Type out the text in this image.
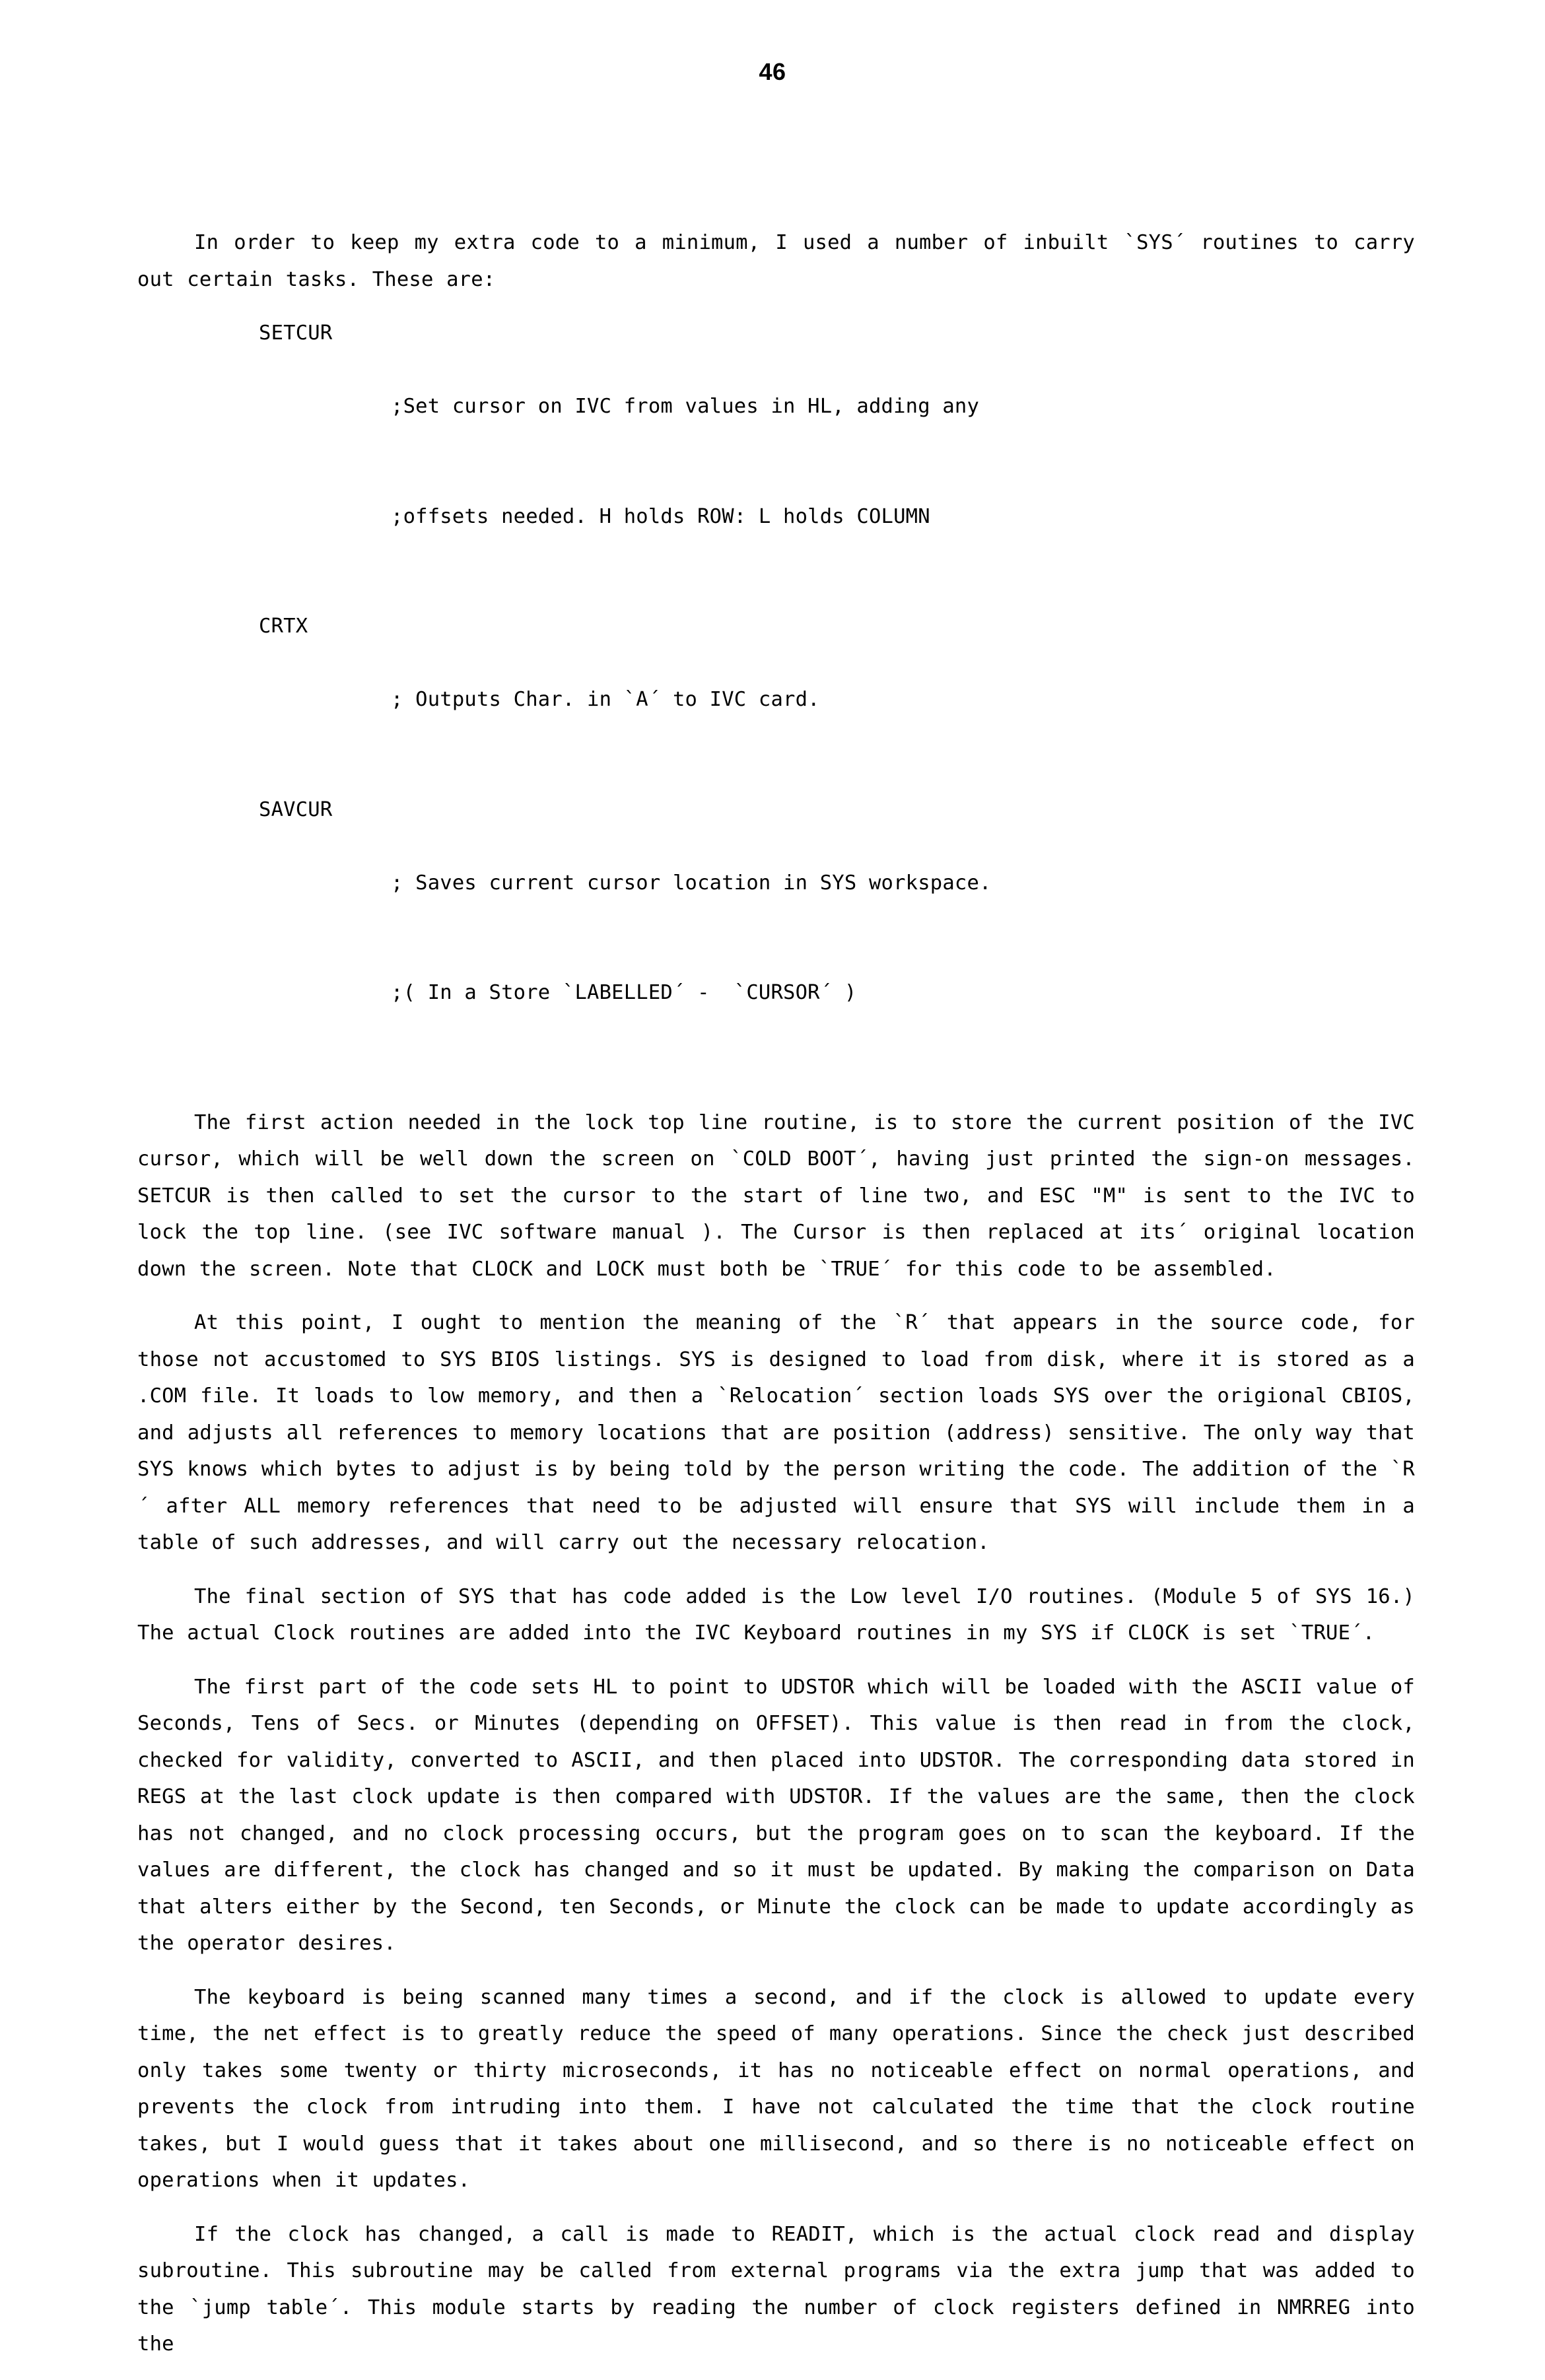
46

In order to keep my extra code to a minimum, I used a number of inbuilt `SYS´ routines to carry out certain tasks. These are:

SETCUR

;Set cursor on IVC from values in HL, adding any

;offsets needed. H holds ROW: L holds COLUMN

CRTX

; Outputs Char. in `A´ to IVC card.

SAVCUR

; Saves current cursor location in SYS workspace.

;( In a Store `LABELLED´ -  `CURSOR´ )

The first action needed in the lock top line routine, is to store the current position of the IVC cursor, which will be well down the screen on `COLD BOOT´, having just printed the sign-on messages. SETCUR is then called to set the cursor to the start of line two, and ESC "M" is sent to the IVC to lock the top line. (see IVC software manual ). The Cursor is then replaced at its´ original location down the screen. Note that CLOCK and LOCK must both be `TRUE´ for this code to be assembled.

At this point, I ought to mention the meaning of the `R´ that appears in the source code, for those not accustomed to SYS BIOS listings. SYS is designed to load from disk, where it is stored as a .COM file. It loads to low memory, and then a `Relocation´ section loads SYS over the origional CBIOS, and adjusts all references to memory locations that are position (address) sensitive. The only way that SYS knows which bytes to adjust is by being told by the person writing the code. The addition of the `R´ after ALL memory references that need to be adjusted will ensure that SYS will include them in a table of such addresses, and will carry out the necessary relocation.

The final section of SYS that has code added is the Low level I/O routines. (Module 5 of SYS 16.) The actual Clock routines are added into the IVC Keyboard routines in my SYS if CLOCK is set `TRUE´.

The first part of the code sets HL to point to UDSTOR which will be loaded with the ASCII value of Seconds, Tens of Secs. or Minutes (depending on OFFSET). This value is then read in from the clock, checked for validity, converted to ASCII, and then placed into UDSTOR. The corresponding data stored in REGS at the last clock update is then compared with UDSTOR. If the values are the same, then the clock has not changed, and no clock processing occurs, but the program goes on to scan the keyboard. If the values are different, the clock has changed and so it must be updated. By making the comparison on Data that alters either by the Second, ten Seconds, or Minute the clock can be made to update accordingly as the operator desires.

The keyboard is being scanned many times a second, and if the clock is allowed to update every time, the net effect is to greatly reduce the speed of many operations. Since the check just described only takes some twenty or thirty microseconds, it has no noticeable effect on normal operations, and prevents the clock from intruding into them. I have not calculated the time that the clock routine takes, but I would guess that it takes about one millisecond, and so there is no noticeable effect on operations when it updates.

If the clock has changed, a call is made to READIT, which is the actual clock read and display subroutine. This subroutine may be called from external programs via the extra jump that was added to the `jump table´. This module starts by reading the number of clock registers defined in NMRREG into the
